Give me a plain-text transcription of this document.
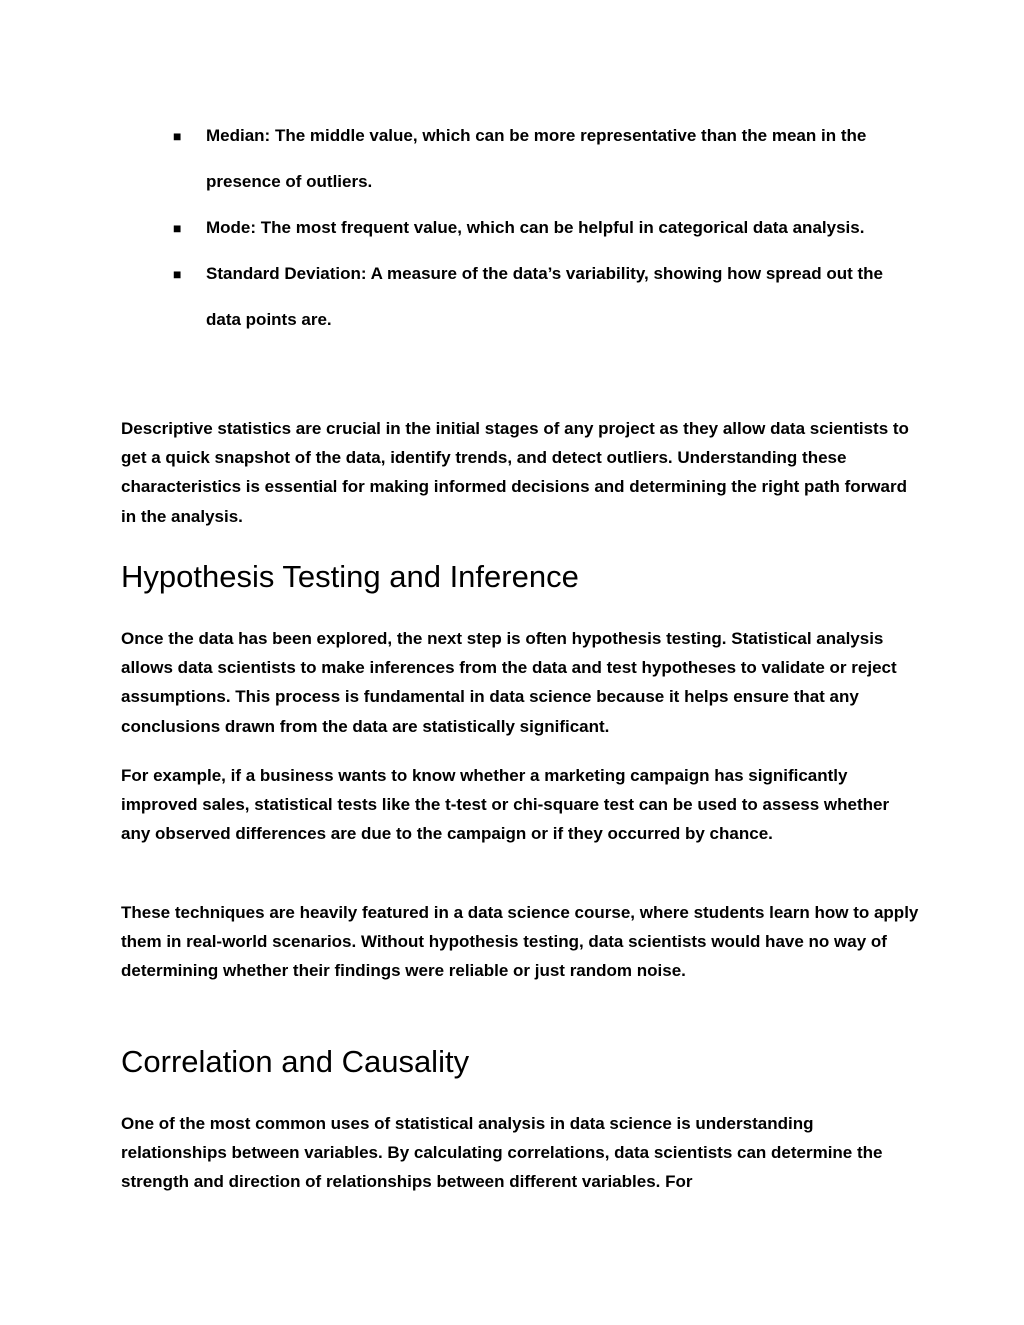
■	Median: The middle value, which can be more representative than the mean in the presence of outliers.
■	Mode: The most frequent value, which can be helpful in categorical data analysis.
■	Standard Deviation: A measure of the data’s variability, showing how spread out the data points are.

Descriptive statistics are crucial in the initial stages of any project as they allow data scientists to get a quick snapshot of the data, identify trends, and detect outliers. Understanding these characteristics is essential for making informed decisions and determining the right path forward in the analysis.

Hypothesis Testing and Inference

Once the data has been explored, the next step is often hypothesis testing. Statistical analysis allows data scientists to make inferences from the data and test hypotheses to validate or reject assumptions. This process is fundamental in data science because it helps ensure that any conclusions drawn from the data are statistically significant.

For example, if a business wants to know whether a marketing campaign has significantly improved sales, statistical tests like the t-test or chi-square test can be used to assess whether any observed differences are due to the campaign or if they occurred by chance.

These techniques are heavily featured in a data science course, where students learn how to apply them in real-world scenarios. Without hypothesis testing, data scientists would have no way of determining whether their findings were reliable or just random noise.

Correlation and Causality

One of the most common uses of statistical analysis in data science is understanding relationships between variables. By calculating correlations, data scientists can determine the strength and direction of relationships between different variables. For
